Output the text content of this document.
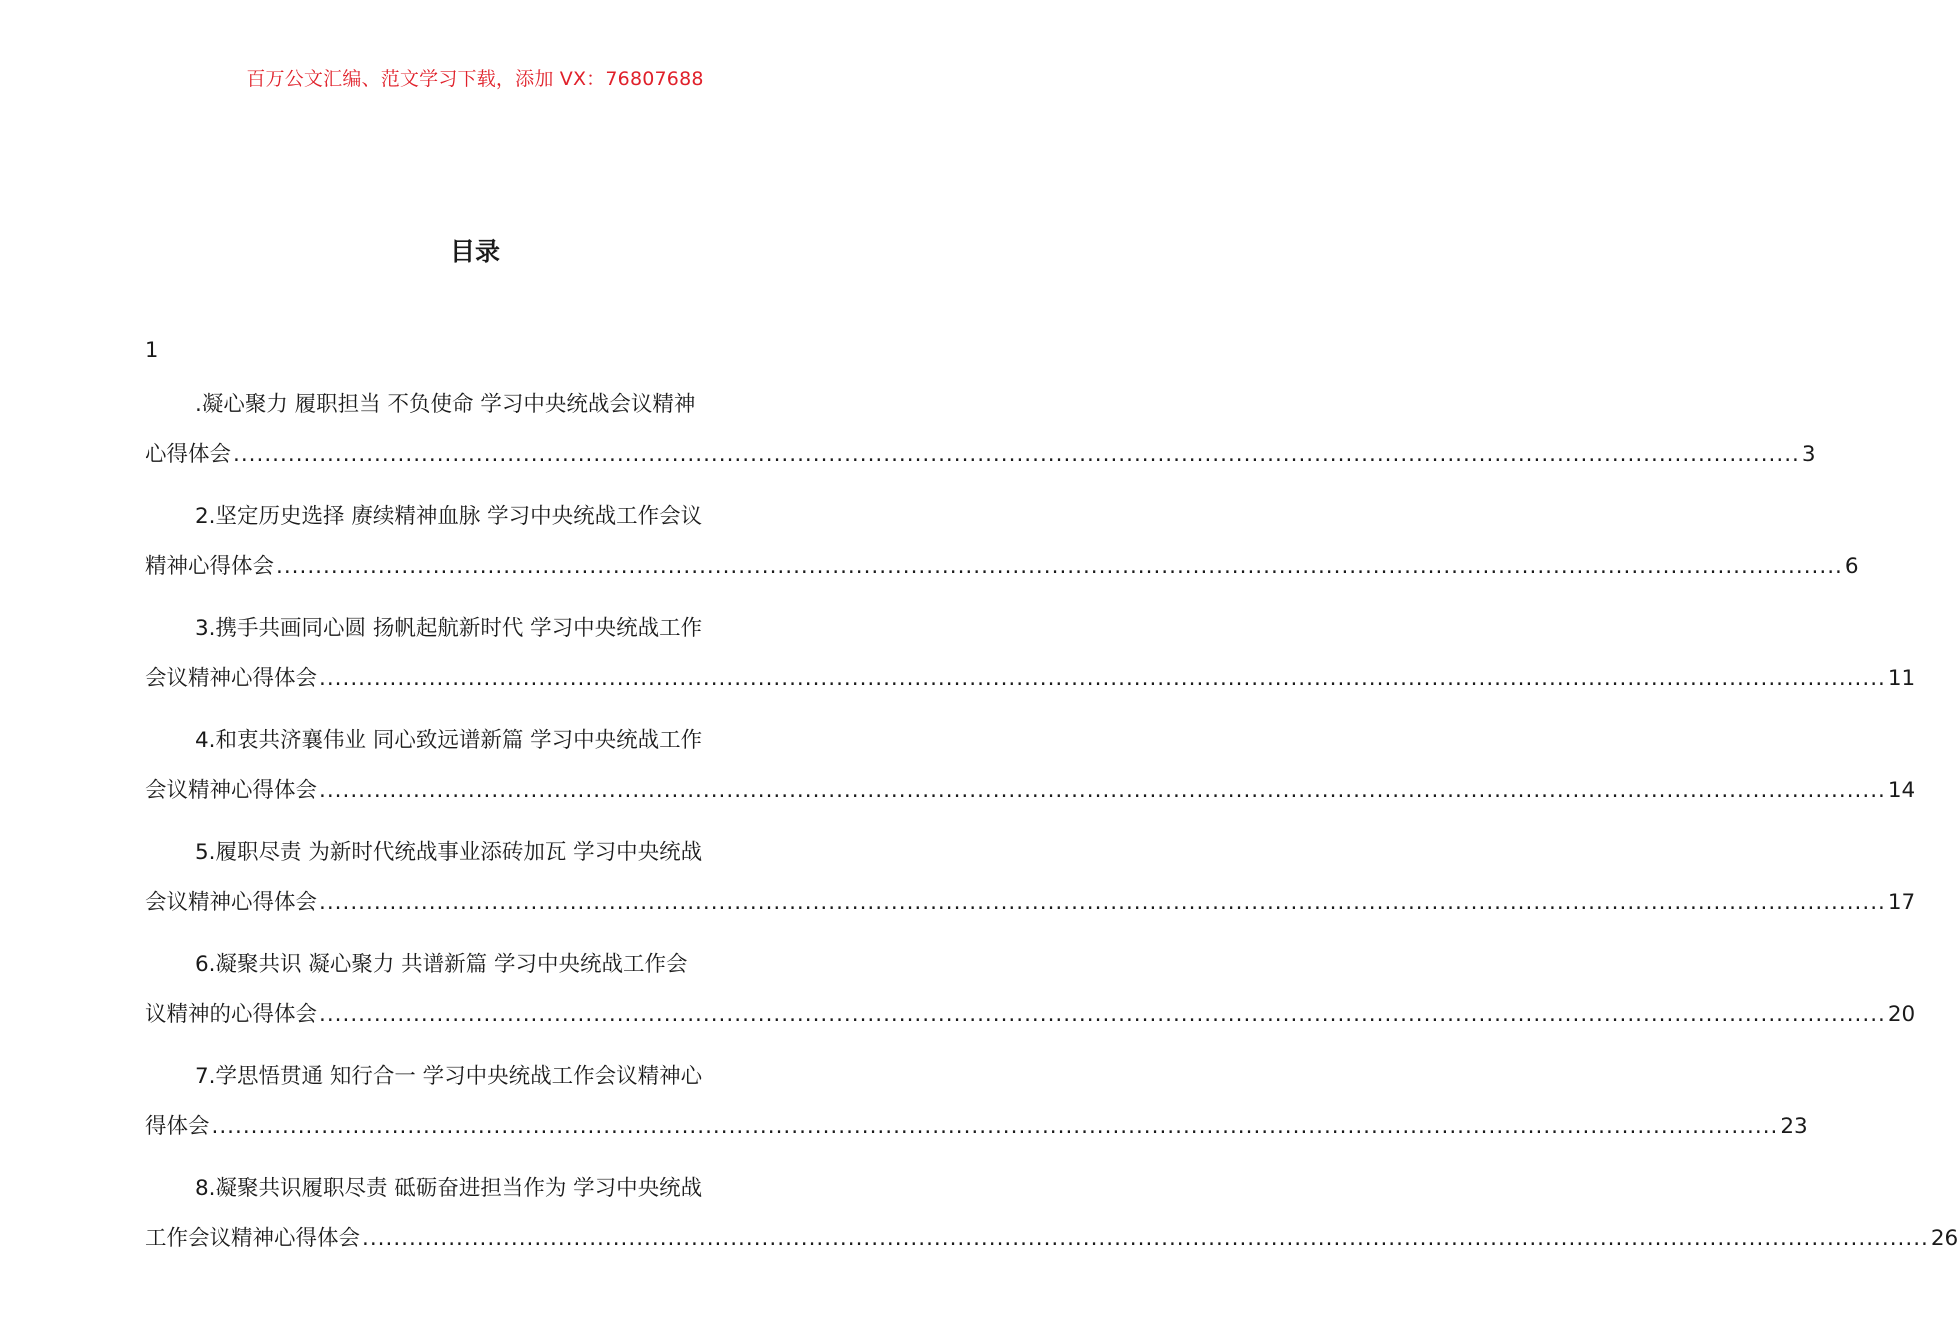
百万公文汇编、范文学习下载，添加 VX：76807688
目录
1
.凝心聚力 履职担当 不负使命 学习中央统战会议精神
心得体会 ........................................................................................................................................................................................................ 3
2.坚定历史选择 赓续精神血脉 学习中央统战工作会议
精神心得体会 ........................................................................................................................................................................................................ 6
3.携手共画同心圆 扬帆起航新时代 学习中央统战工作
会议精神心得体会 ........................................................................................................................................................................................................ 11
4.和衷共济襄伟业 同心致远谱新篇 学习中央统战工作
会议精神心得体会 ........................................................................................................................................................................................................ 14
5.履职尽责 为新时代统战事业添砖加瓦 学习中央统战
会议精神心得体会 ........................................................................................................................................................................................................ 17
6.凝聚共识 凝心聚力 共谱新篇 学习中央统战工作会
议精神的心得体会 ........................................................................................................................................................................................................ 20
7.学思悟贯通 知行合一 学习中央统战工作会议精神心
得体会 ........................................................................................................................................................................................................ 23
8.凝聚共识履职尽责 砥砺奋进担当作为 学习中央统战
工作会议精神心得体会 ........................................................................................................................................................................................................ 26
